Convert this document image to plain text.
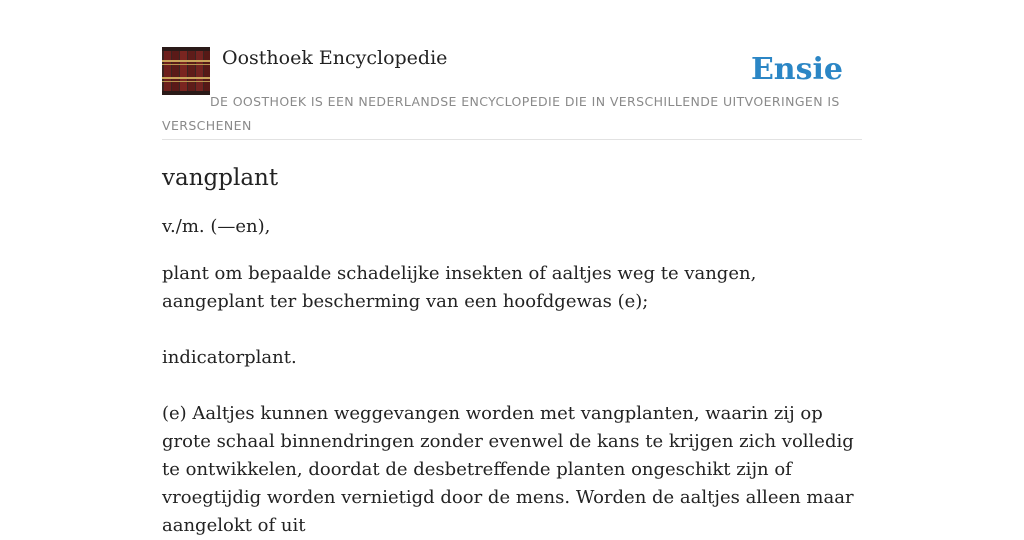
Oosthoek Encyclopedie	Ensie
DE OOSTHOEK IS EEN NEDERLANDSE ENCYCLOPEDIE DIE IN VERSCHILLENDE UITVOERINGEN IS VERSCHENEN
vangplant

v./m. (—en),

plant om bepaalde schadelijke insekten of aaltjes weg te vangen, aangeplant ter bescherming van een hoofdgewas (e);

indicatorplant.

(e) Aaltjes kunnen weggevangen worden met vangplanten, waarin zij op grote schaal binnendringen zonder evenwel de kans te krijgen zich volledig te ontwikkelen, doordat de desbetreffende planten ongeschikt zijn of vroegtijdig worden vernietigd door de mens. Worden de aaltjes alleen maar aangelokt of uit
